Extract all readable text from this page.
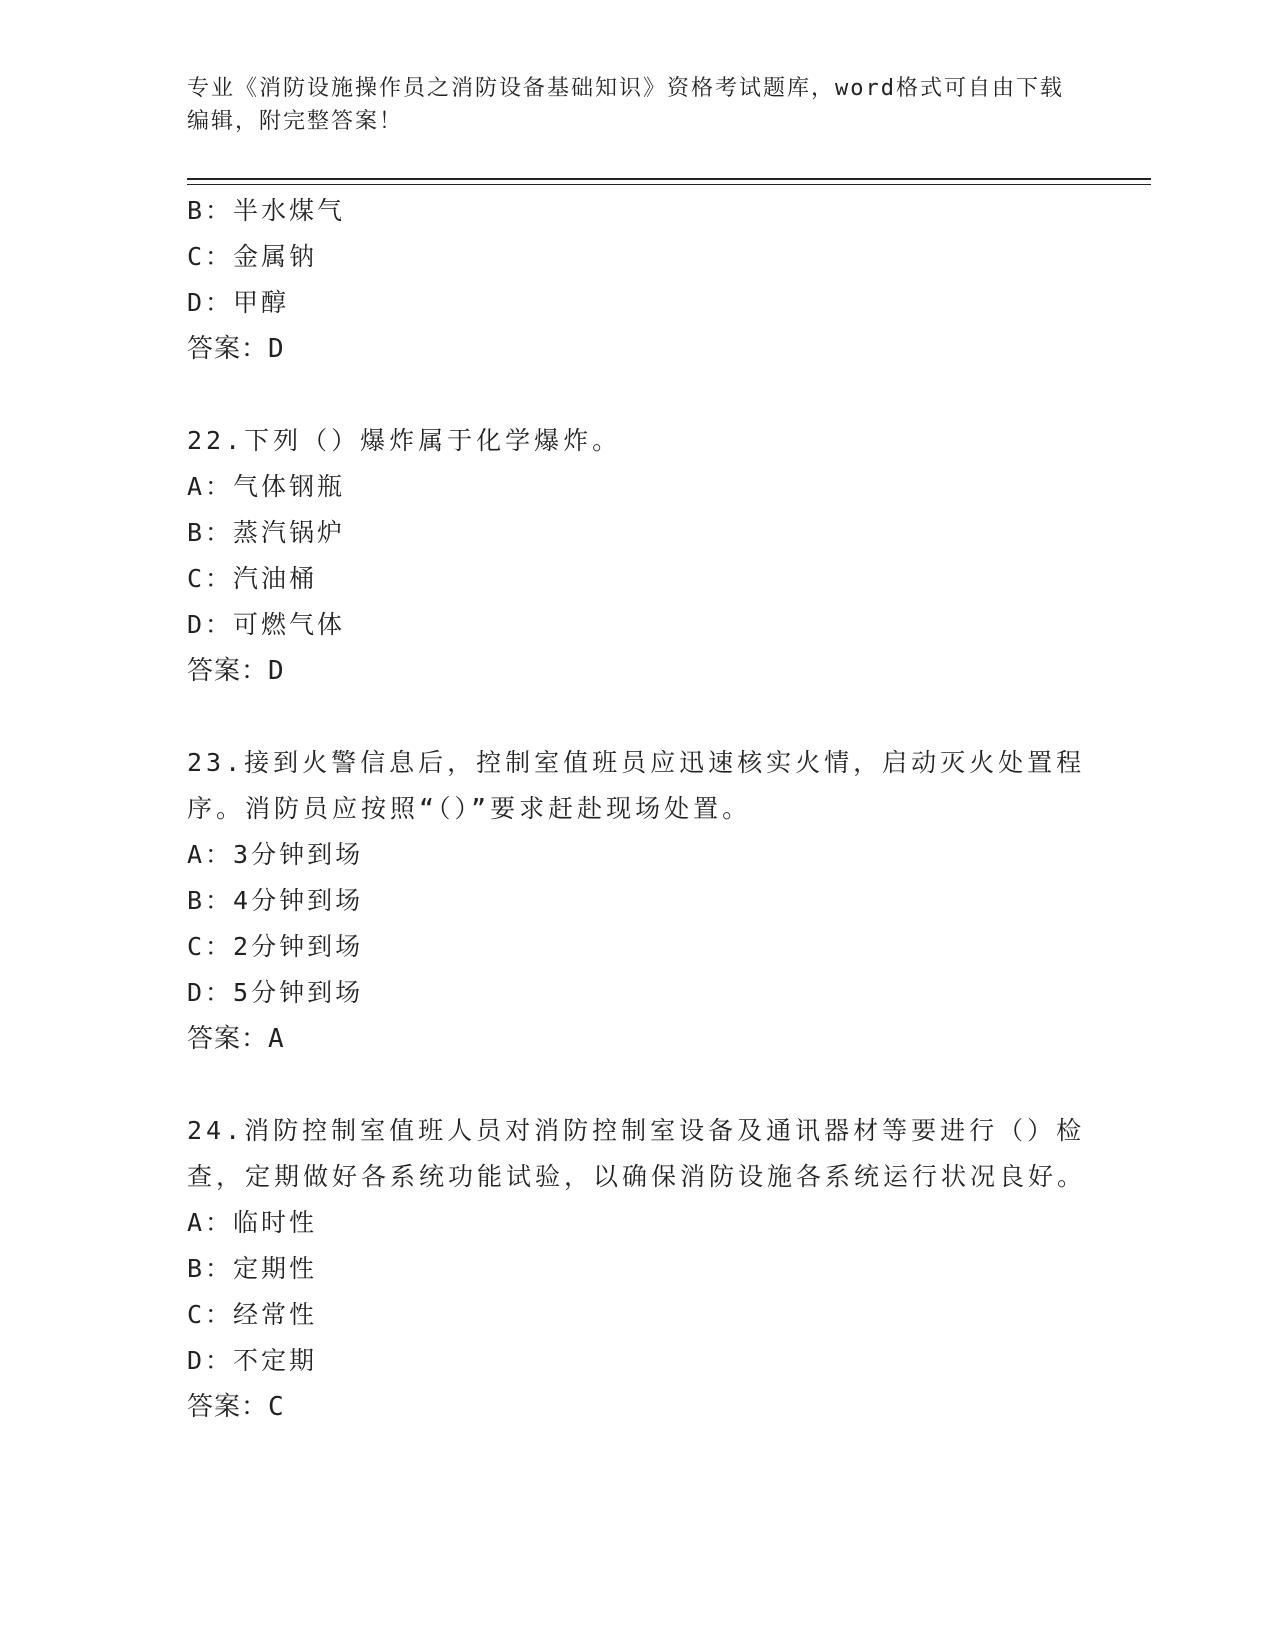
专业《消防设施操作员之消防设备基础知识》资格考试题库，word格式可自由下载编辑，附完整答案！
B：半水煤气
C：金属钠
D：甲醇
答案：D
22.下列（）爆炸属于化学爆炸。
A：气体钢瓶
B：蒸汽锅炉
C：汽油桶
D：可燃气体
答案：D
23.接到火警信息后，控制室值班员应迅速核实火情，启动灭火处置程序。消防员应按照“（）”要求赶赴现场处置。
A：3分钟到场
B：4分钟到场
C：2分钟到场
D：5分钟到场
答案：A
24.消防控制室值班人员对消防控制室设备及通讯器材等要进行（）检查，定期做好各系统功能试验，以确保消防设施各系统运行状况良好。
A：临时性
B：定期性
C：经常性
D：不定期
答案：C
